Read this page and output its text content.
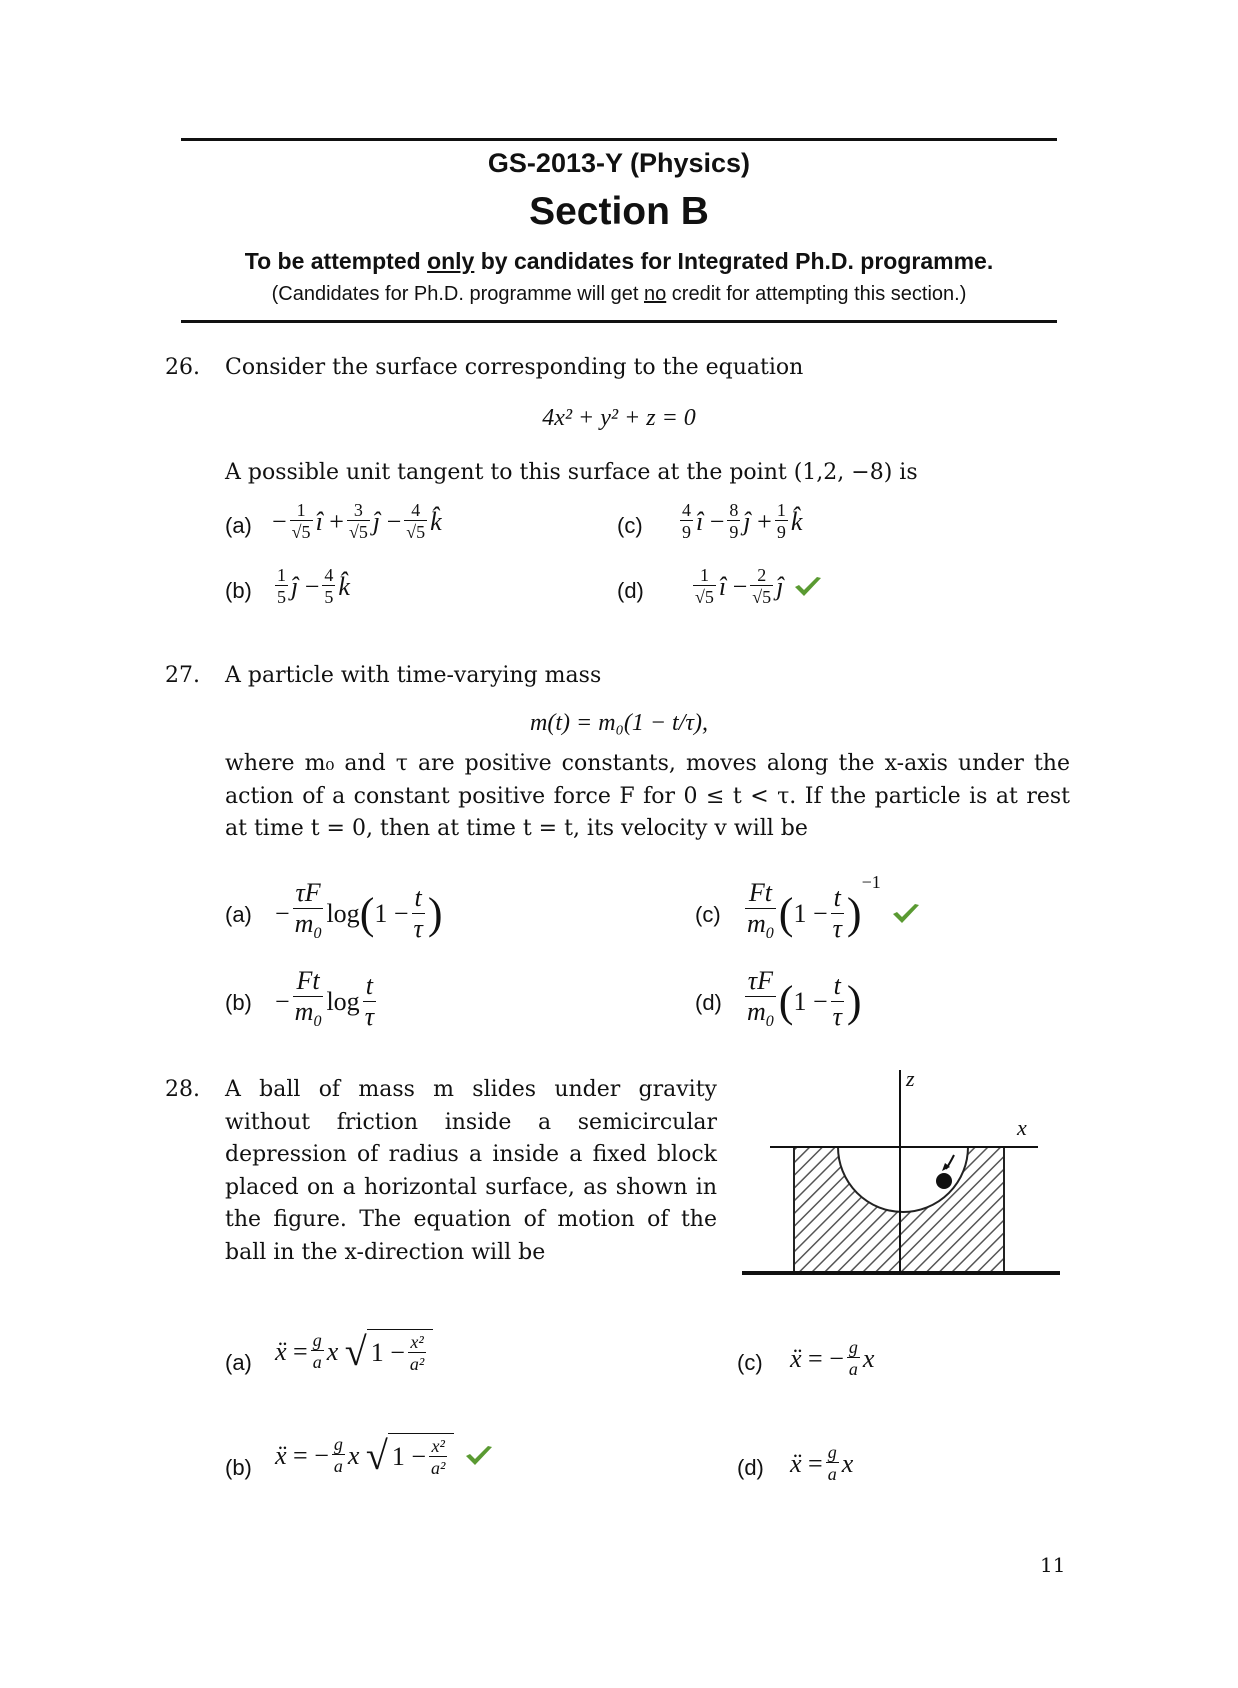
GS-2013-Y (Physics)
Section B
To be attempted only by candidates for Integrated Ph.D. programme.
(Candidates for Ph.D. programme will get no credit for attempting this section.)
26. Consider the surface corresponding to the equation
4x² + y² + z = 0
A possible unit tangent to this surface at the point (1,2, −8) is
$(a) - \frac{1}{√5}$ î + $\frac{3}{√5}$ ĵ − $\frac{4}{√5}$ k̂	$(c) \frac{4}{9}$ î − $\frac{8}{9}$ ĵ + $\frac{1}{9}$ k̂
$(b) \frac{1}{5}$ ĵ − $\frac{4}{5}$ k̂	(d)	$\frac{1}{√5}$ î − $\frac{2}{√5}$ ĵ
27. A particle with time-varying mass
m(t) = m₀(1 − t/τ),
where m₀ and τ are positive constants, moves along the x-axis under the action of a constant positive force F for 0 ≤ t < τ. If the particle is at rest at time t = 0, then at time t = t, its velocity v will be
$(a) - \frac{\tau F}{m_0}$ log ( $1 - \frac{t}{\tau}$ )	$(c) \frac{Ft}{m_0}$ ( $1 - \frac{t}{\tau}$ )
$^{-1}$
$(b) - \frac{Ft}{m_0}$ $\log \frac{t}{\tau}$	$(d) \frac{\tau F}{m_0}$ ( $1 - \frac{t}{\tau}$ )
28. A ball of mass m slides under gravity without friction inside a semicircular depression of radius a inside a fixed block placed on a horizontal surface, as shown in the figure. The equation of motion of the ball in the x-direction will be
z
x
(a) ẍ = $\frac{g}{a}$ x
√ $1 - \frac{\text{x²}}{\text{a²}}$	(c) ẍ = − $\frac{g}{a}$ x
(b) ẍ = − $\frac{g}{a}$ x
√ $1 - \frac{\text{x²}}{\text{a²}}$	(d) ẍ = $\frac{g}{a}$ x
11
